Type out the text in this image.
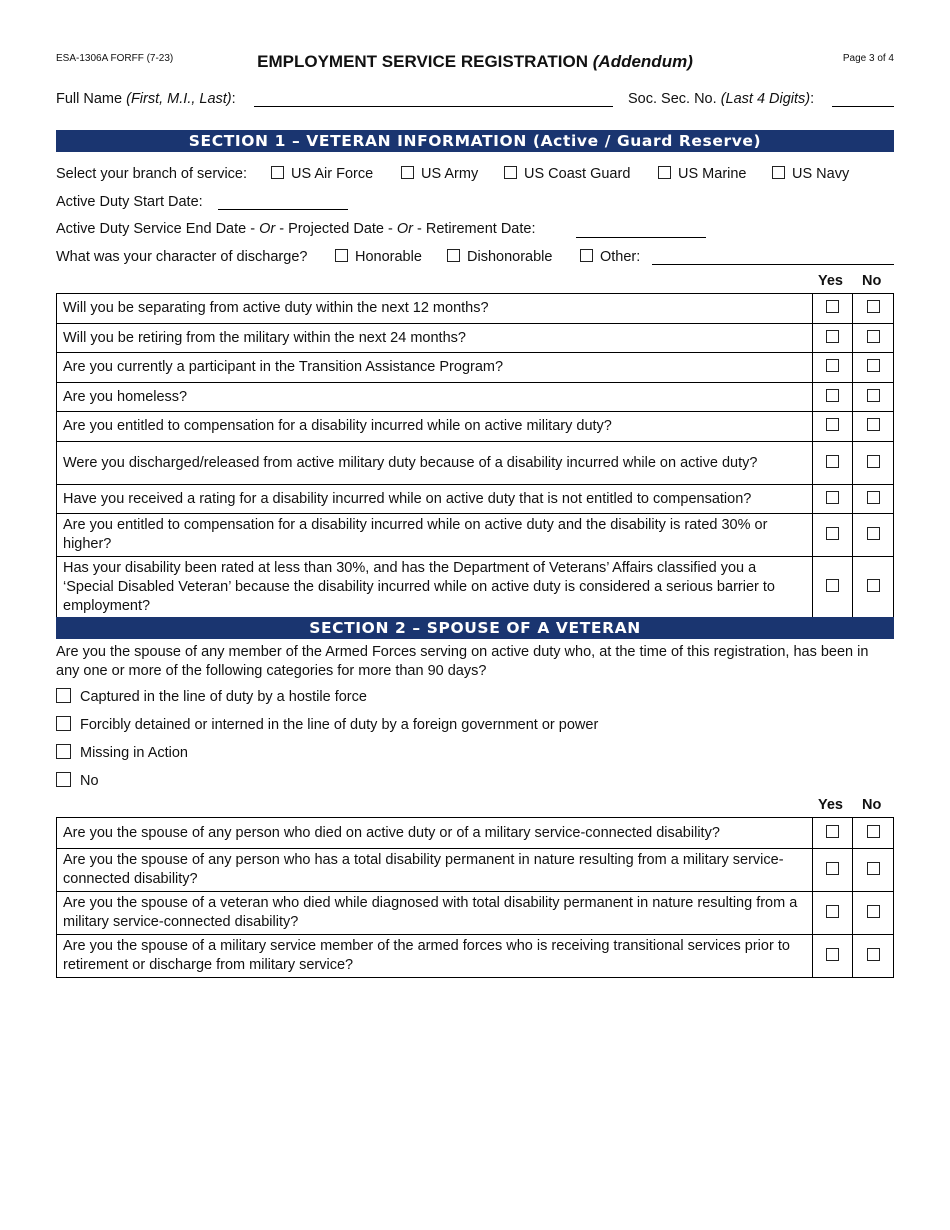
ESA-1306A FORFF (7-23)	EMPLOYMENT SERVICE REGISTRATION (Addendum)	Page 3 of 4
Full Name (First, M.I., Last):	Soc. Sec. No. (Last 4 Digits):
SECTION 1 – VETERAN INFORMATION (Active / Guard Reserve)
Select your branch of service:	US Air Force	US Army	US Coast Guard	US Marine	US Navy
Active Duty Start Date:
Active Duty Service End Date - Or - Projected Date - Or - Retirement Date:
What was your character of discharge?	Honorable	Dishonorable	Other:
Yes No
Will you be separating from active duty within the next 12 months?		
Will you be retiring from the military within the next 24 months?		
Are you currently a participant in the Transition Assistance Program?		
Are you homeless?		
Are you entitled to compensation for a disability incurred while on active military duty?		
Were you discharged/released from active military duty because of a disability incurred while on active duty?		
Have you received a rating for a disability incurred while on active duty that is not entitled to compensation?		
Are you entitled to compensation for a disability incurred while on active duty and the disability is rated 30% or higher?		
Has your disability been rated at less than 30%, and has the Department of Veterans’ Affairs classified you a ‘Special Disabled Veteran’ because the disability incurred while on active duty is considered a serious barrier to employment?		
SECTION 2 – SPOUSE OF A VETERAN
Are you the spouse of any member of the Armed Forces serving on active duty who, at the time of this registration, has been in any one or more of the following categories for more than 90 days?
Captured in the line of duty by a hostile force
Forcibly detained or interned in the line of duty by a foreign government or power
Missing in Action
No
Yes No
Are you the spouse of any person who died on active duty or of a military service-connected disability?		
Are you the spouse of any person who has a total disability permanent in nature resulting from a military service-connected disability?		
Are you the spouse of a veteran who died while diagnosed with total disability permanent in nature resulting from a military service-connected disability?		
Are you the spouse of a military service member of the armed forces who is receiving transitional services prior to retirement or discharge from military service?		
